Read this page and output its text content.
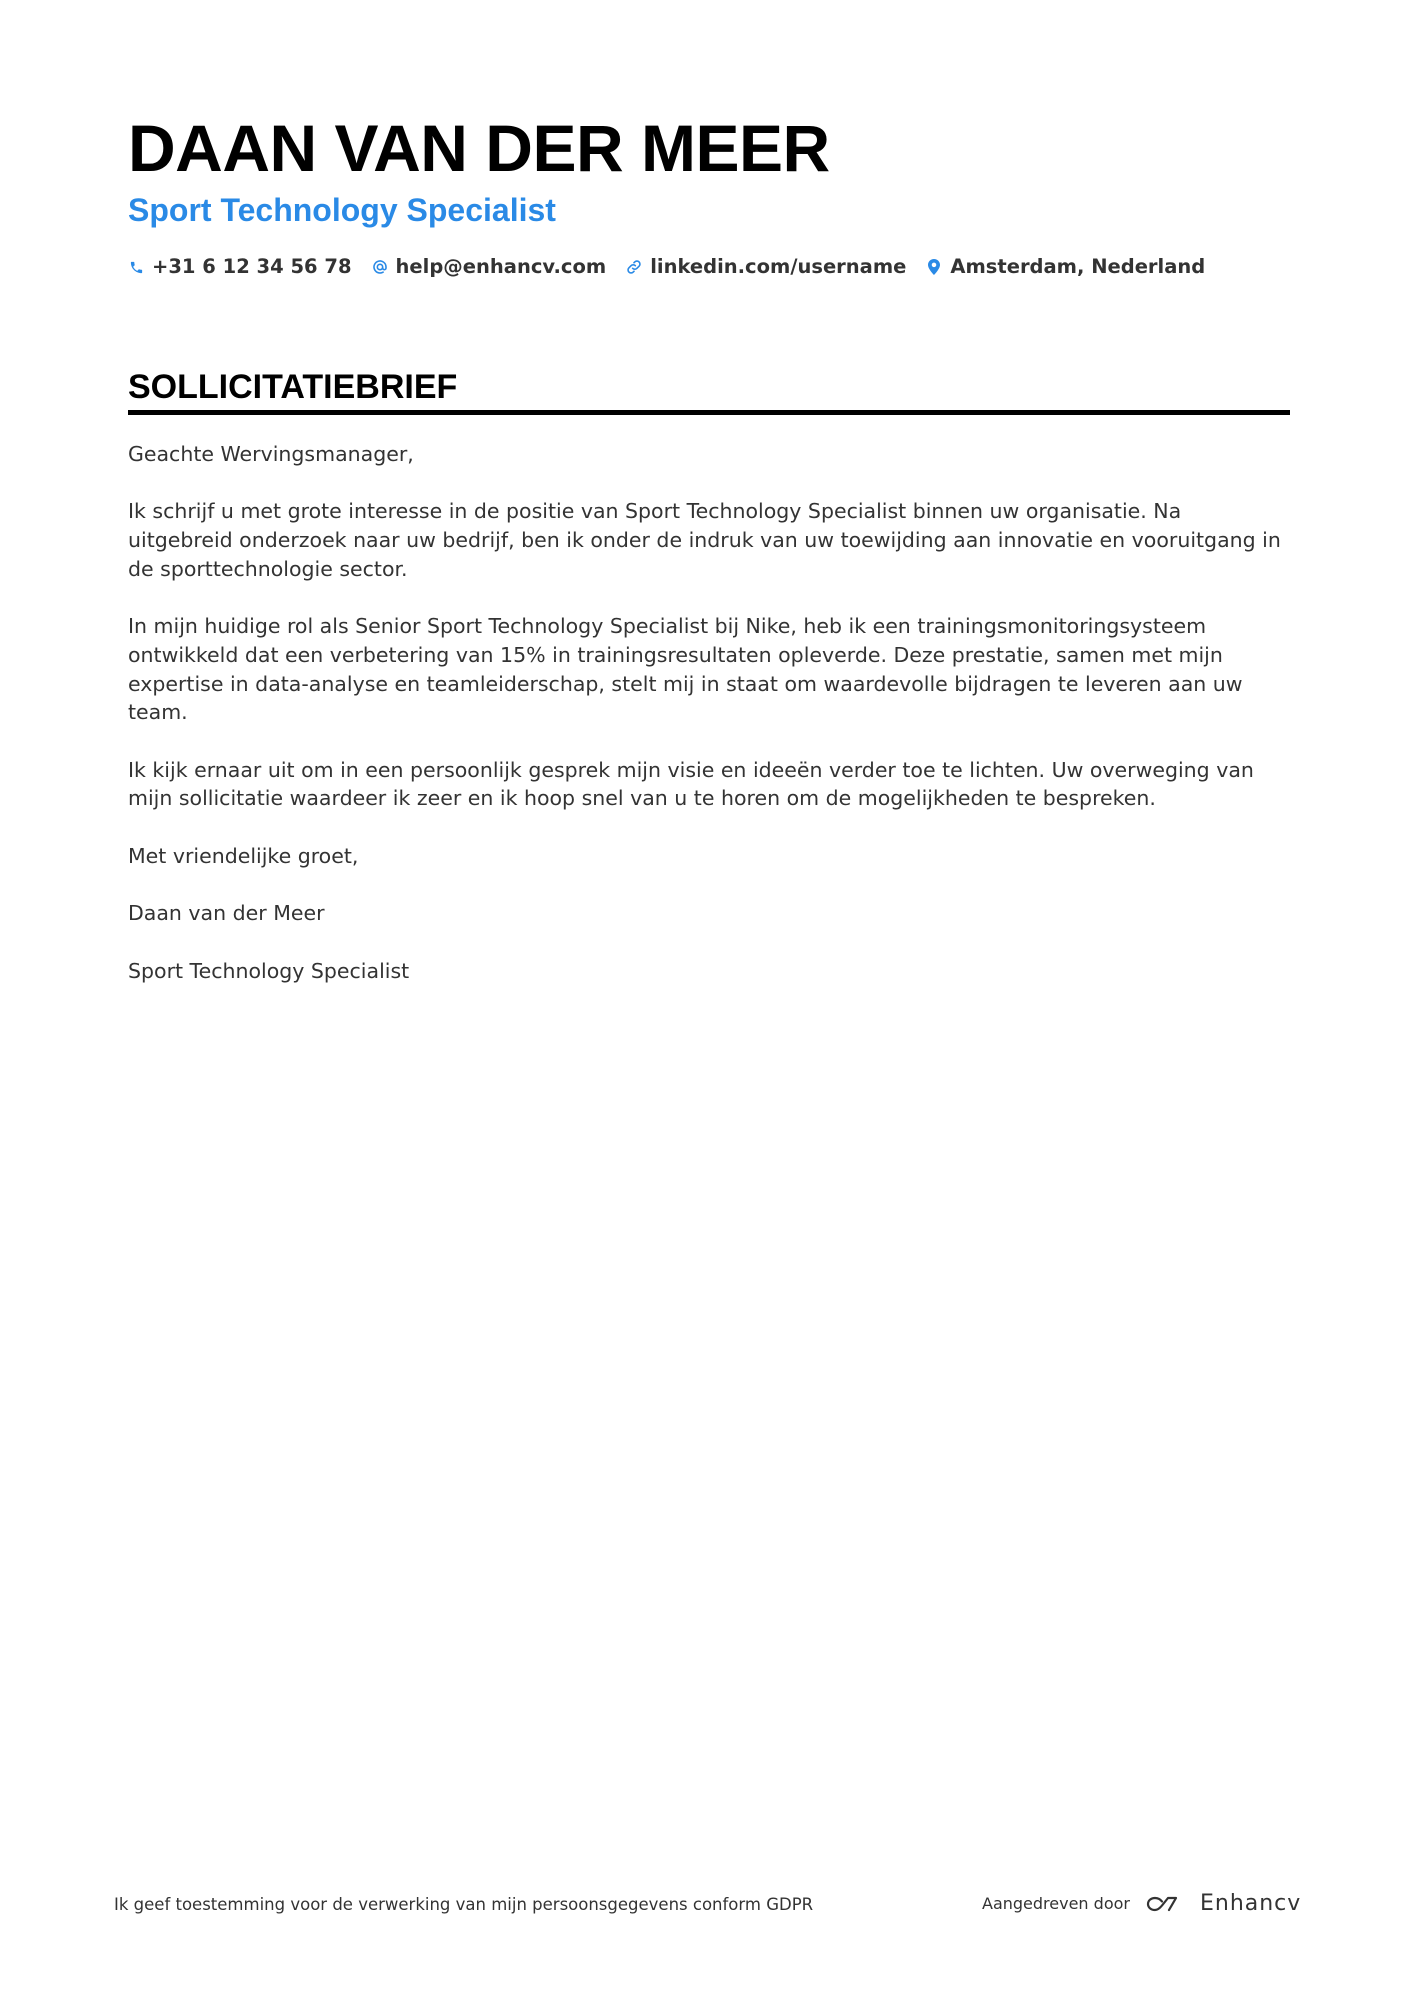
DAAN VAN DER MEER
Sport Technology Specialist
+31 6 12 34 56 78 help@enhancv.com linkedin.com/username Amsterdam, Nederland
SOLLICITATIEBRIEF

Geachte Wervingsmanager,

Ik schrijf u met grote interesse in de positie van Sport Technology Specialist binnen uw organisatie. Na uitgebreid onderzoek naar uw bedrijf, ben ik onder de indruk van uw toewijding aan innovatie en vooruitgang in de sporttechnologie sector.

In mijn huidige rol als Senior Sport Technology Specialist bij Nike, heb ik een trainingsmonitoringsysteem ontwikkeld dat een verbetering van 15% in trainingsresultaten opleverde. Deze prestatie, samen met mijn expertise in data-analyse en teamleiderschap, stelt mij in staat om waardevolle bijdragen te leveren aan uw team.

Ik kijk ernaar uit om in een persoonlijk gesprek mijn visie en ideeën verder toe te lichten. Uw overweging van mijn sollicitatie waardeer ik zeer en ik hoop snel van u te horen om de mogelijkheden te bespreken.

Met vriendelijke groet,

Daan van der Meer

Sport Technology Specialist

Ik geef toestemming voor de verwerking van mijn persoonsgegevens conform GDPR	Aangedreven door	Enhancv
